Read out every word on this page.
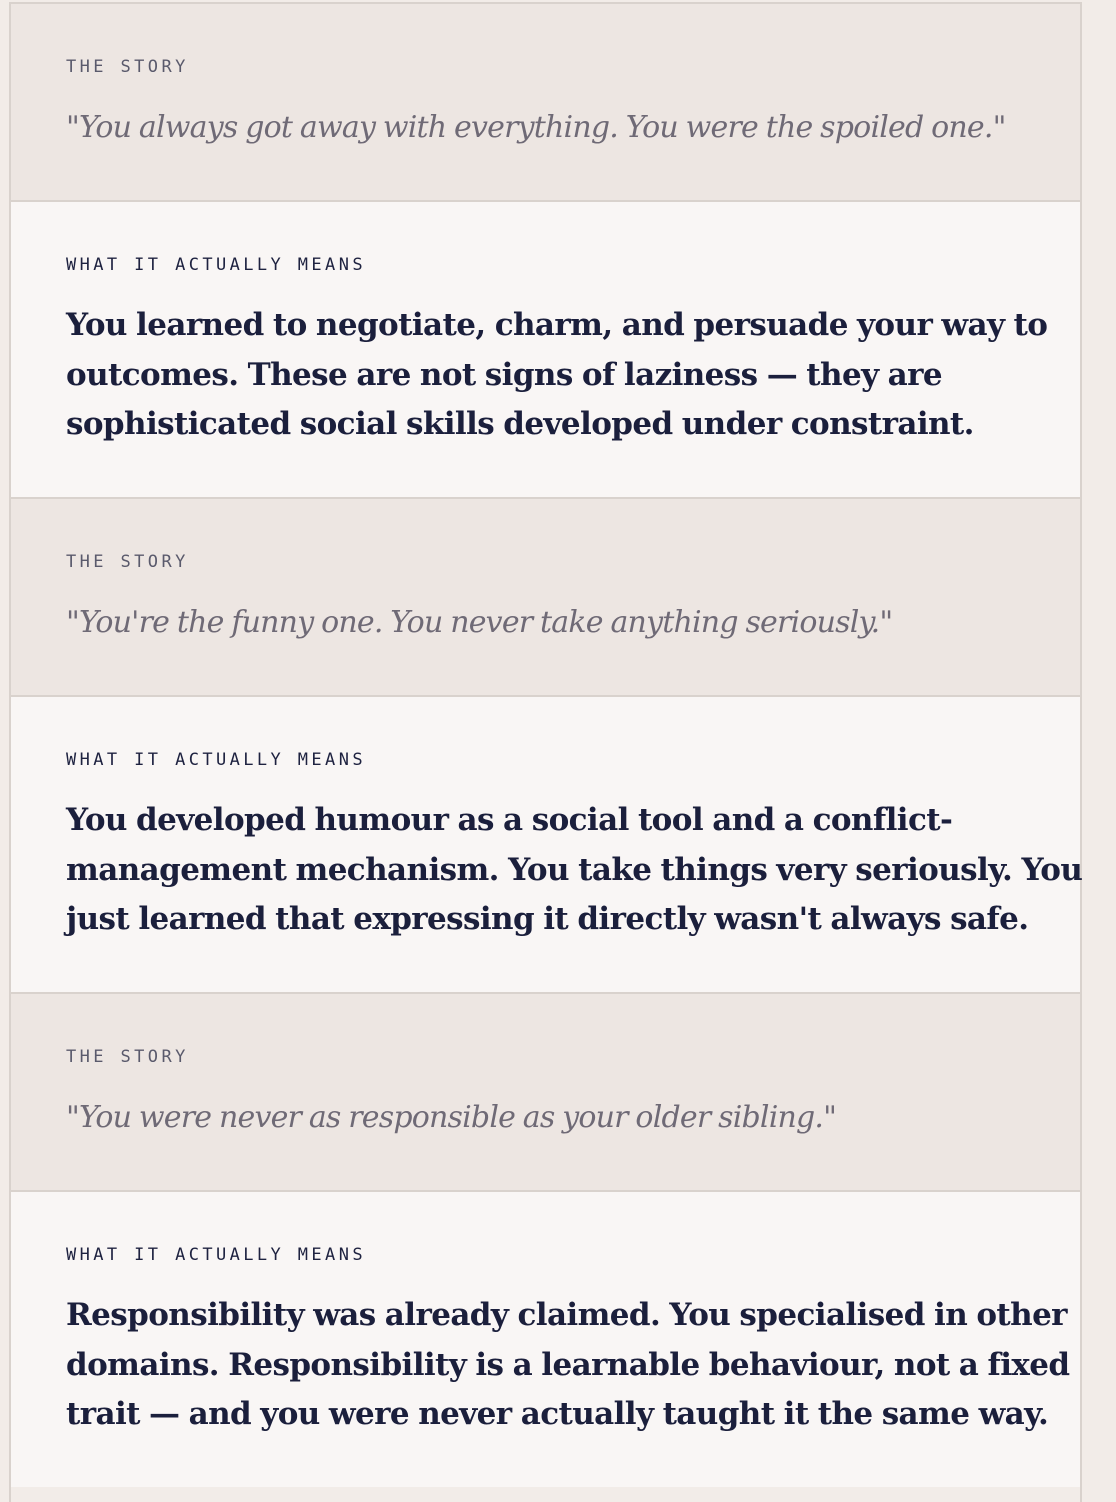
THE STORY
"You always got away with everything. You were the spoiled one."
WHAT IT ACTUALLY MEANS
You learned to negotiate, charm, and persuade your way to
outcomes. These are not signs of laziness — they are
sophisticated social skills developed under constraint.
THE STORY
"You're the funny one. You never take anything seriously."
WHAT IT ACTUALLY MEANS
You developed humour as a social tool and a conflict-
management mechanism. You take things very seriously. You
just learned that expressing it directly wasn't always safe.
THE STORY
"You were never as responsible as your older sibling."
WHAT IT ACTUALLY MEANS
Responsibility was already claimed. You specialised in other
domains. Responsibility is a learnable behaviour, not a fixed
trait — and you were never actually taught it the same way.
